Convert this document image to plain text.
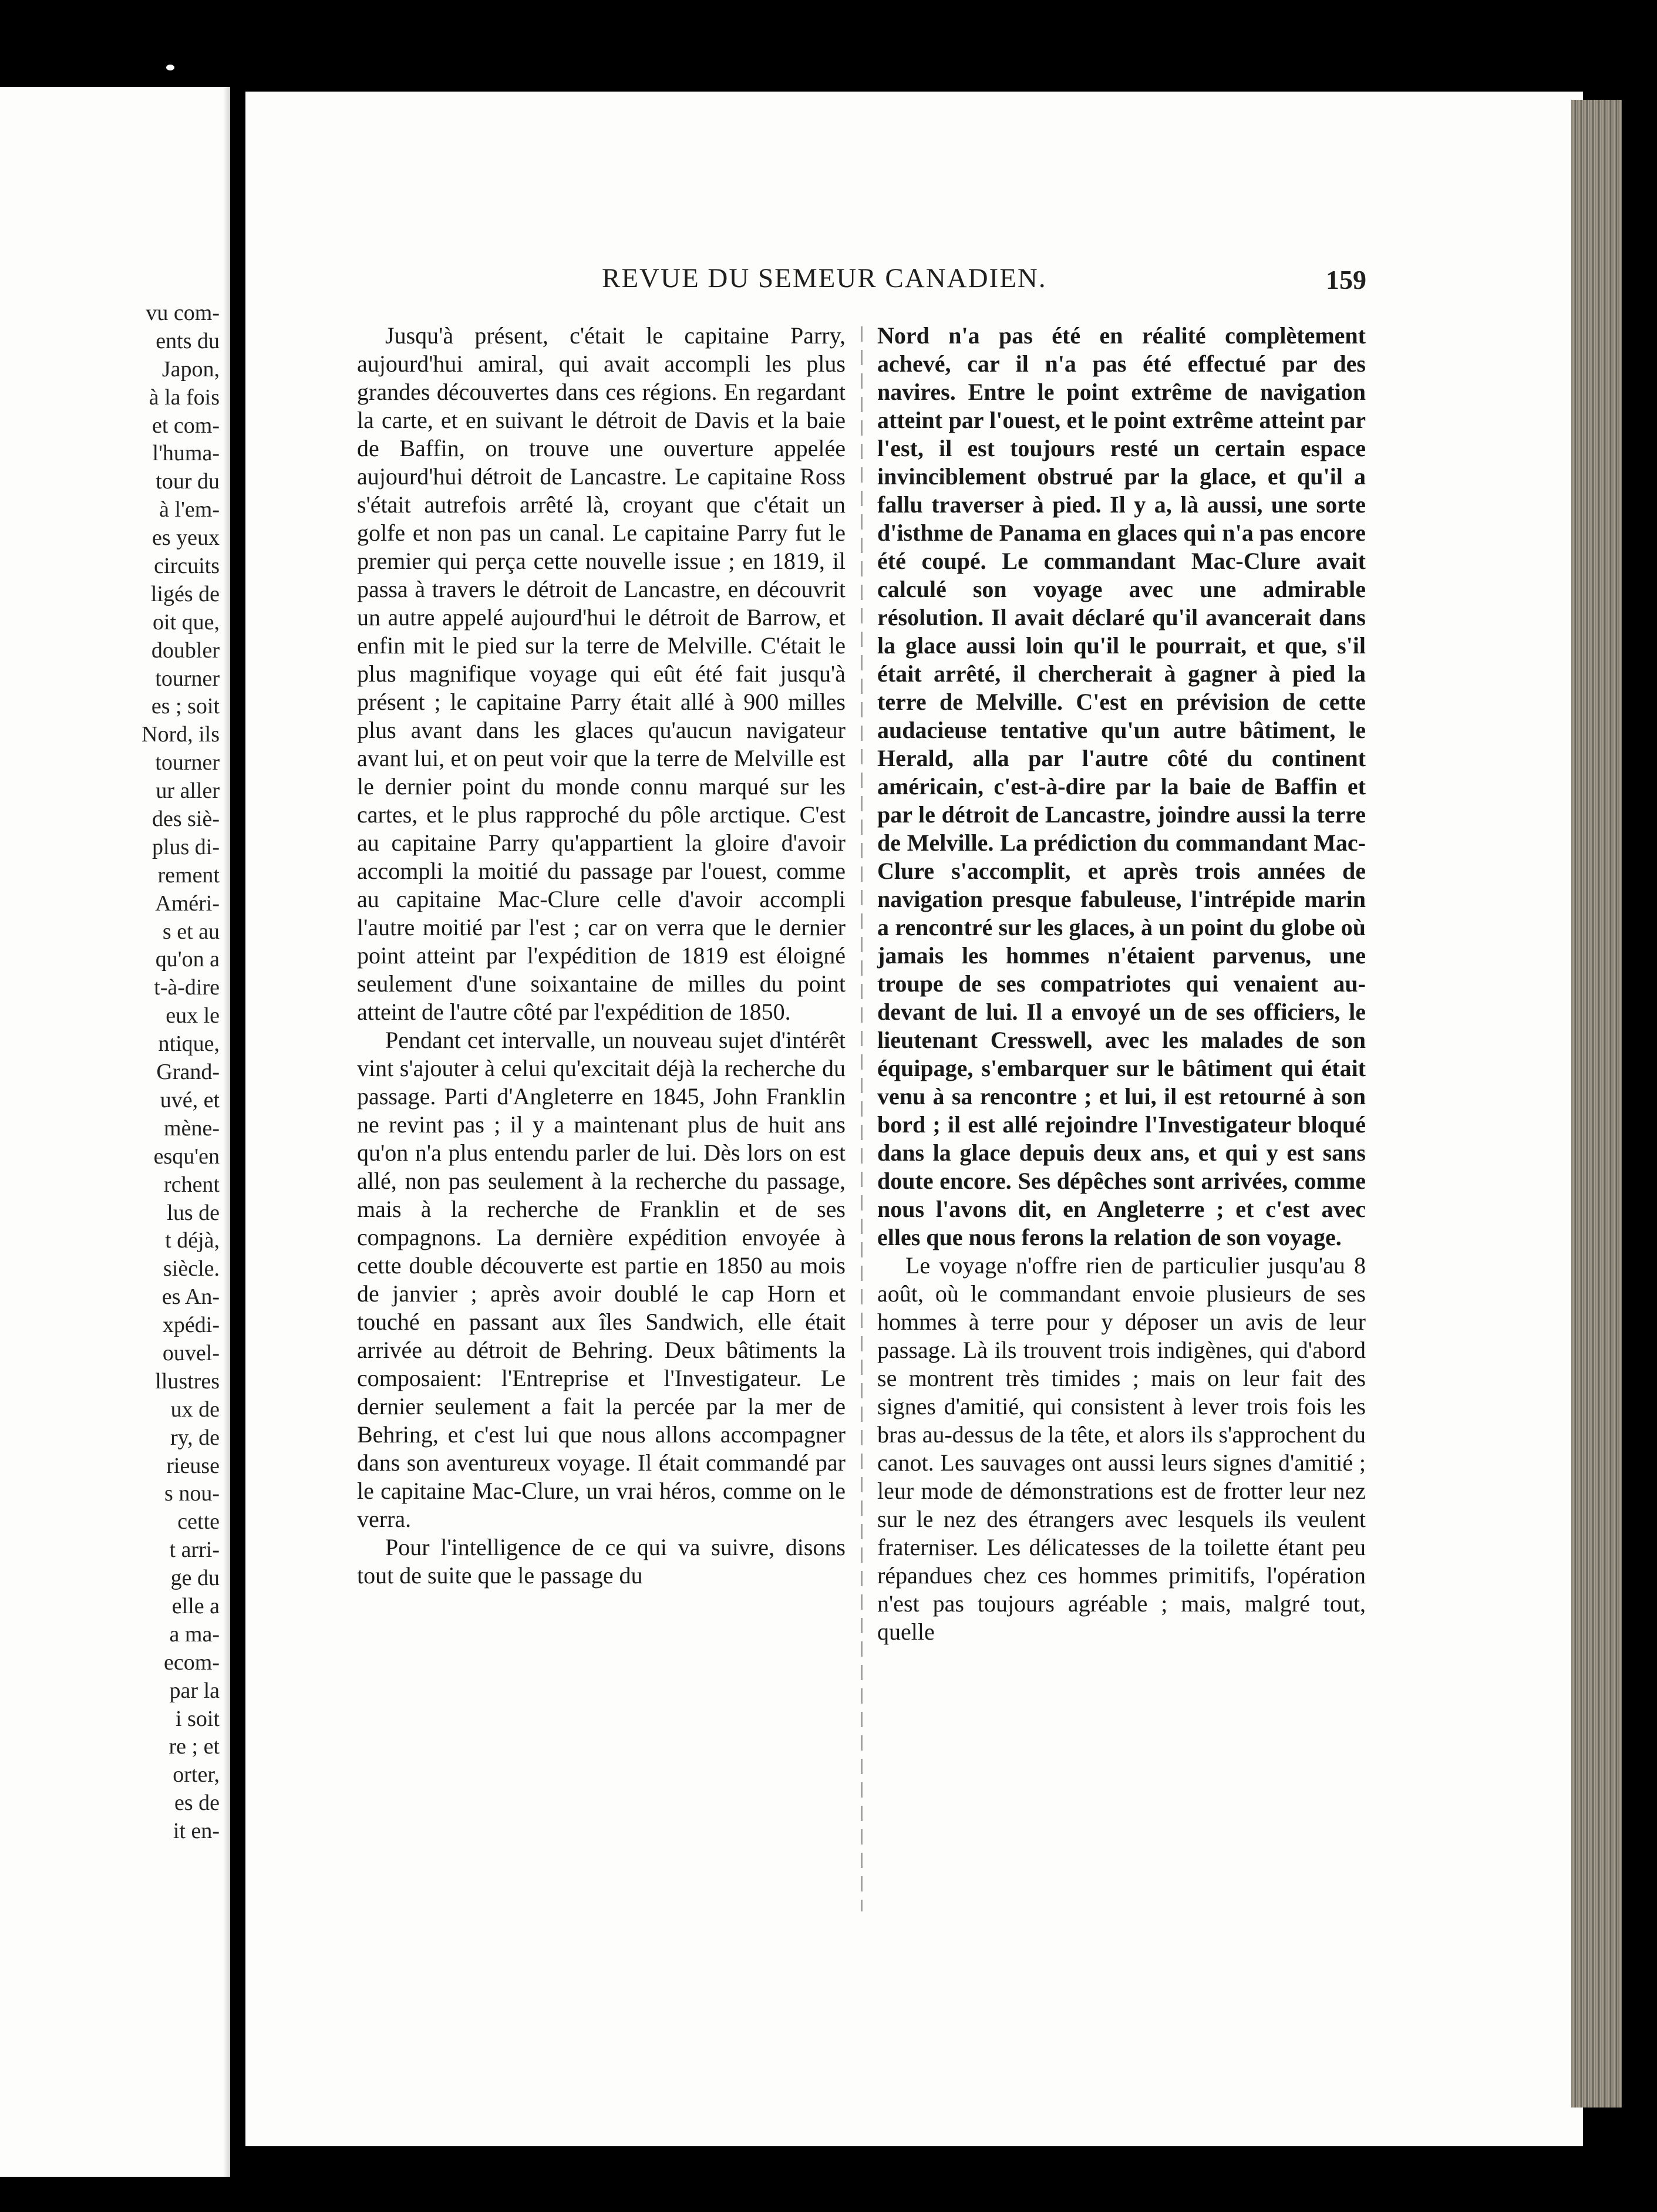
vu com-
ents du
Japon,
à la fois
et com-
l'huma-
tour du
à l'em-
es yeux
circuits
ligés de
oit que,
doubler
tourner
es ; soit
Nord, ils
tourner
ur aller
des siè-
plus di-
rement
Améri-
s et au
qu'on a
t-à-dire
eux le
ntique,
Grand-
uvé, et
mène-
esqu'en
rchent
lus de
t déjà,
siècle.
es An-
xpédi-
ouvel-
llustres
ux de
ry, de
rieuse
s nou-
cette
t arri-
ge du
elle a
a ma-
ecom-
par la
i soit
re ; et
orter,
es de
it en-
REVUE DU SEMEUR CANADIEN.	159

Jusqu'à présent, c'était le capitaine Parry, aujourd'hui amiral, qui avait accompli les plus grandes découvertes dans ces régions. En regardant la carte, et en suivant le détroit de Davis et la baie de Baffin, on trouve une ouverture appelée aujourd'hui détroit de Lancastre. Le capitaine Ross s'était autrefois arrêté là, croyant que c'était un golfe et non pas un canal. Le capitaine Parry fut le premier qui perça cette nouvelle issue ; en 1819, il passa à travers le détroit de Lancastre, en découvrit un autre appelé aujourd'hui le détroit de Barrow, et enfin mit le pied sur la terre de Melville. C'était le plus magnifique voyage qui eût été fait jusqu'à présent ; le capitaine Parry était allé à 900 milles plus avant dans les glaces qu'aucun navigateur avant lui, et on peut voir que la terre de Melville est le dernier point du monde connu marqué sur les cartes, et le plus rapproché du pôle arctique. C'est au capitaine Parry qu'appartient la gloire d'avoir accompli la moitié du passage par l'ouest, comme au capitaine Mac-Clure celle d'avoir accompli l'autre moitié par l'est ; car on verra que le dernier point atteint par l'expédition de 1819 est éloigné seulement d'une soixantaine de milles du point atteint de l'autre côté par l'expédition de 1850.

Pendant cet intervalle, un nouveau sujet d'intérêt vint s'ajouter à celui qu'excitait déjà la recherche du passage. Parti d'Angleterre en 1845, John Franklin ne revint pas ; il y a maintenant plus de huit ans qu'on n'a plus entendu parler de lui. Dès lors on est allé, non pas seulement à la recherche du passage, mais à la recherche de Franklin et de ses compagnons. La dernière expédition envoyée à cette double découverte est partie en 1850 au mois de janvier ; après avoir doublé le cap Horn et touché en passant aux îles Sandwich, elle était arrivée au détroit de Behring. Deux bâtiments la composaient: l'Entreprise et l'Investigateur. Le dernier seulement a fait la percée par la mer de Behring, et c'est lui que nous allons accompagner dans son aventureux voyage. Il était commandé par le capitaine Mac-Clure, un vrai héros, comme on le verra.

Pour l'intelligence de ce qui va suivre, disons tout de suite que le passage du

Nord n'a pas été en réalité complètement achevé, car il n'a pas été effectué par des navires. Entre le point extrême de navigation atteint par l'ouest, et le point extrême atteint par l'est, il est toujours resté un certain espace invinciblement obstrué par la glace, et qu'il a fallu traverser à pied. Il y a, là aussi, une sorte d'isthme de Panama en glaces qui n'a pas encore été coupé. Le commandant Mac-Clure avait calculé son voyage avec une admirable résolution. Il avait déclaré qu'il avancerait dans la glace aussi loin qu'il le pourrait, et que, s'il était arrêté, il chercherait à gagner à pied la terre de Melville. C'est en prévision de cette audacieuse tentative qu'un autre bâtiment, le Herald, alla par l'autre côté du continent américain, c'est-à-dire par la baie de Baffin et par le détroit de Lancastre, joindre aussi la terre de Melville. La prédiction du commandant Mac-Clure s'accomplit, et après trois années de navigation presque fabuleuse, l'intrépide marin a rencontré sur les glaces, à un point du globe où jamais les hommes n'étaient parvenus, une troupe de ses compatriotes qui venaient au-devant de lui. Il a envoyé un de ses officiers, le lieutenant Cresswell, avec les malades de son équipage, s'embarquer sur le bâtiment qui était venu à sa rencontre ; et lui, il est retourné à son bord ; il est allé rejoindre l'Investigateur bloqué dans la glace depuis deux ans, et qui y est sans doute encore. Ses dépêches sont arrivées, comme nous l'avons dit, en Angleterre ; et c'est avec elles que nous ferons la relation de son voyage.

Le voyage n'offre rien de particulier jusqu'au 8 août, où le commandant envoie plusieurs de ses hommes à terre pour y déposer un avis de leur passage. Là ils trouvent trois indigènes, qui d'abord se montrent très timides ; mais on leur fait des signes d'amitié, qui consistent à lever trois fois les bras au-dessus de la tête, et alors ils s'approchent du canot. Les sauvages ont aussi leurs signes d'amitié ; leur mode de démonstrations est de frotter leur nez sur le nez des étrangers avec lesquels ils veulent fraterniser. Les délicatesses de la toilette étant peu répandues chez ces hommes primitifs, l'opération n'est pas toujours agréable ; mais, malgré tout, quelle
